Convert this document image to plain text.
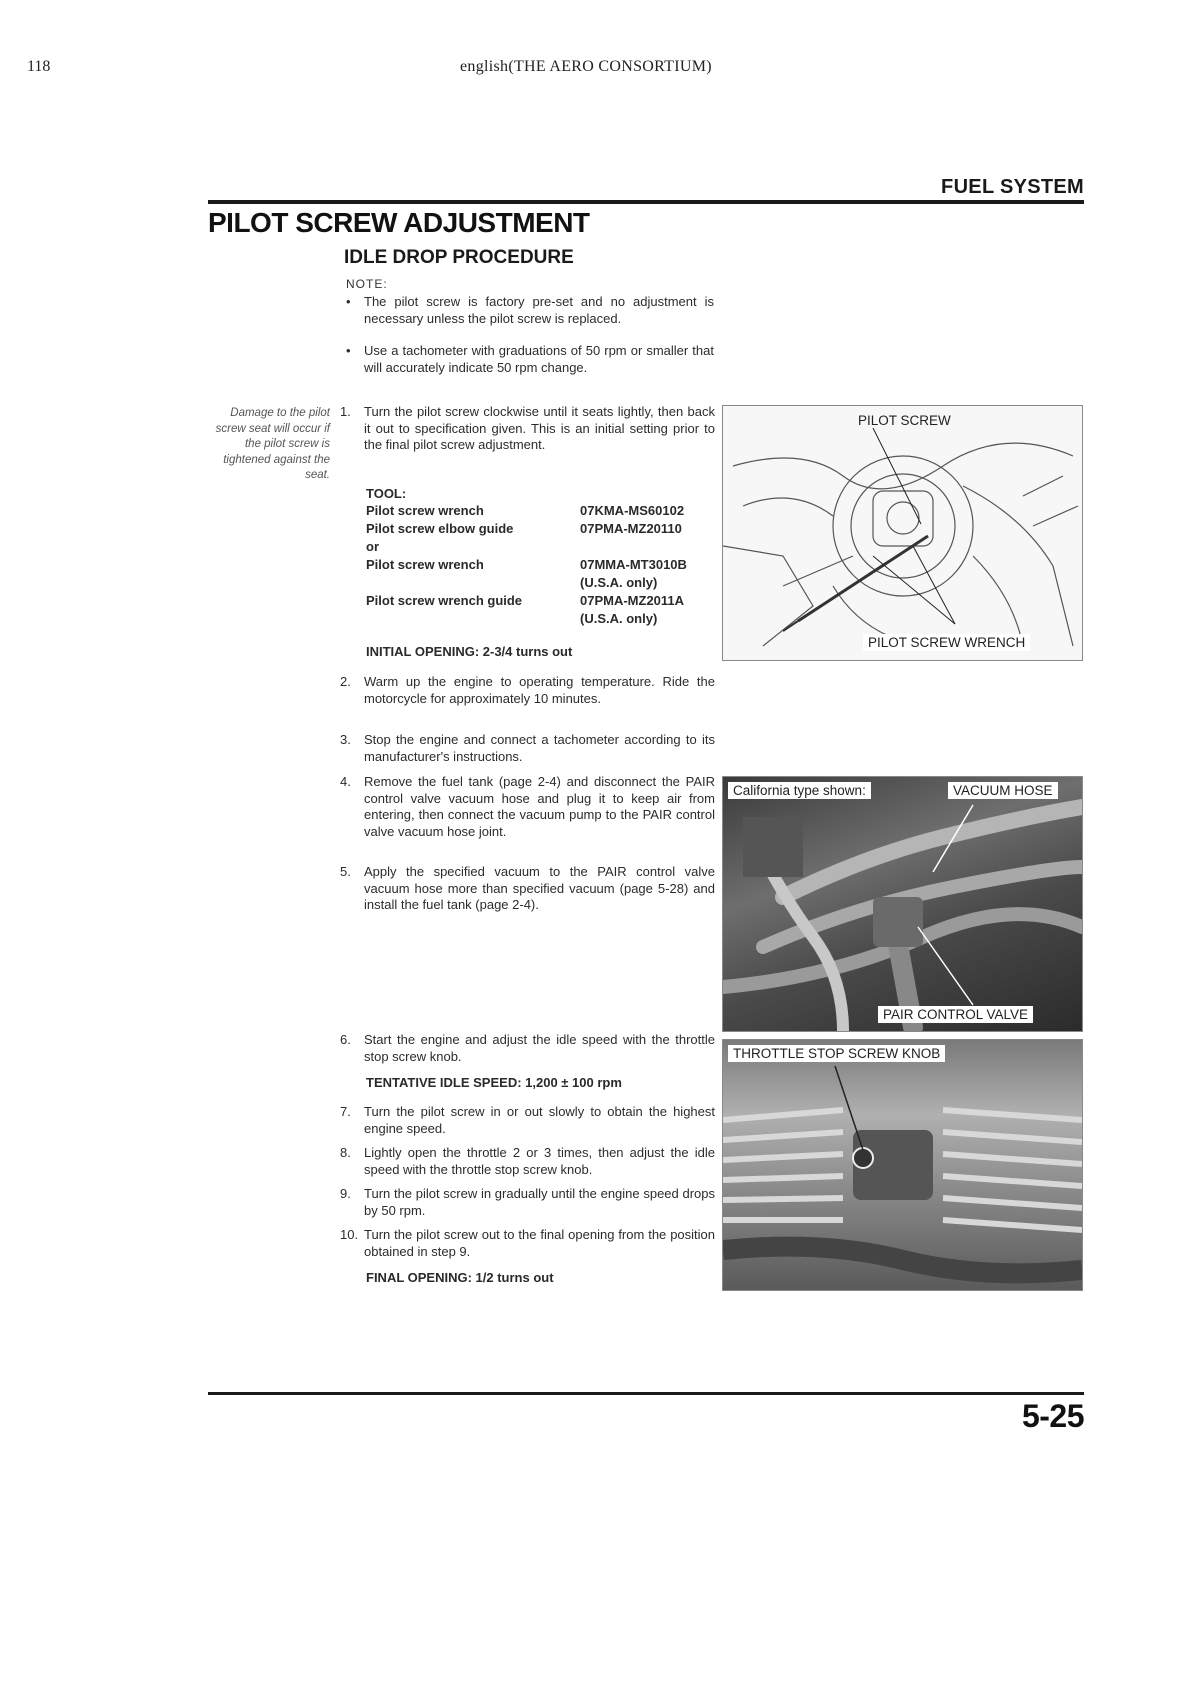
118	english(THE AERO CONSORTIUM)
FUEL SYSTEM
PILOT SCREW ADJUSTMENT
IDLE DROP PROCEDURE
NOTE:
• The pilot screw is factory pre-set and no adjustment is necessary unless the pilot screw is replaced.
• Use a tachometer with graduations of 50 rpm or smaller that will accurately indicate 50 rpm change.
Damage to the pilot screw seat will occur if the pilot screw is tightened against the seat.
1. Turn the pilot screw clockwise until it seats lightly, then back it out to specification given. This is an initial setting prior to the final pilot screw adjustment.
TOOL:
Pilot screw wrench	07KMA-MS60102
Pilot screw elbow guide	07PMA-MZ20110
or
Pilot screw wrench	07MMA-MT3010B
(U.S.A. only)
Pilot screw wrench guide	07PMA-MZ2011A
(U.S.A. only)
INITIAL OPENING: 2-3/4 turns out
2. Warm up the engine to operating temperature. Ride the motorcycle for approximately 10 minutes.
3. Stop the engine and connect a tachometer according to its manufacturer's instructions.
4. Remove the fuel tank (page 2-4) and disconnect the PAIR control valve vacuum hose and plug it to keep air from entering, then connect the vacuum pump to the PAIR control valve vacuum hose joint.
5. Apply the specified vacuum to the PAIR control valve vacuum hose more than specified vacuum (page 5-28) and install the fuel tank (page 2-4).
6. Start the engine and adjust the idle speed with the throttle stop screw knob.
TENTATIVE IDLE SPEED: 1,200 ± 100 rpm
7. Turn the pilot screw in or out slowly to obtain the highest engine speed.
8. Lightly open the throttle 2 or 3 times, then adjust the idle speed with the throttle stop screw knob.
9. Turn the pilot screw in gradually until the engine speed drops by 50 rpm.
10. Turn the pilot screw out to the final opening from the position obtained in step 9.
FINAL OPENING: 1/2 turns out
PILOT SCREW
PILOT SCREW WRENCH
California type shown:	VACUUM HOSE
PAIR CONTROL VALVE
THROTTLE STOP SCREW KNOB
5-25
